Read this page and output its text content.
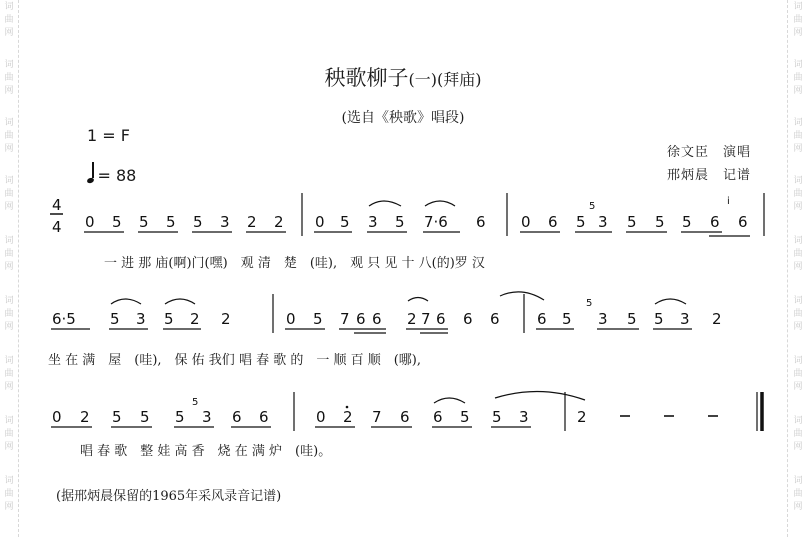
词
曲
网
词
曲
网
词
曲
网
词
曲
网
词
曲
网
词
曲
网
词
曲
网
词
曲
网
词
曲
网
词
曲
网
词
曲
网
词
曲
网
词
曲
网
词
曲
网
词
曲
网
词
曲
网
词
曲
网
词
曲
网
秧歌柳子(一)(拜庙)
(选自《秧歌》唱段)
1 = F
= 88
徐文臣　演唱
邢炳晨　记谱
4
4 0 5 5 5 5 3 2 2 0 5 3 5 7·6 6 0 6 5
5
3 5 5 5 6
i
6
6·5 5 3 5 2 2	0 5 7 6 6 2 7 6 6 6 6 5
5
3 5 5 3 2
0 2 5 5 5
5
3 6 6	0 2 7 6 6 5 5 3	2
一 进 那 庙(啊)门(嘿)　观 清　楚　(哇),　观 只 见 十 八(的)罗 汉
坐 在 满　屋　(哇),　保 佑 我们 唱 春 歌 的　一 顺 百 顺　(哪),
唱 春 歌　整 娃 高 香　烧 在 满 炉　(哇)。
(据邢炳晨保留的1965年采风录音记谱)
